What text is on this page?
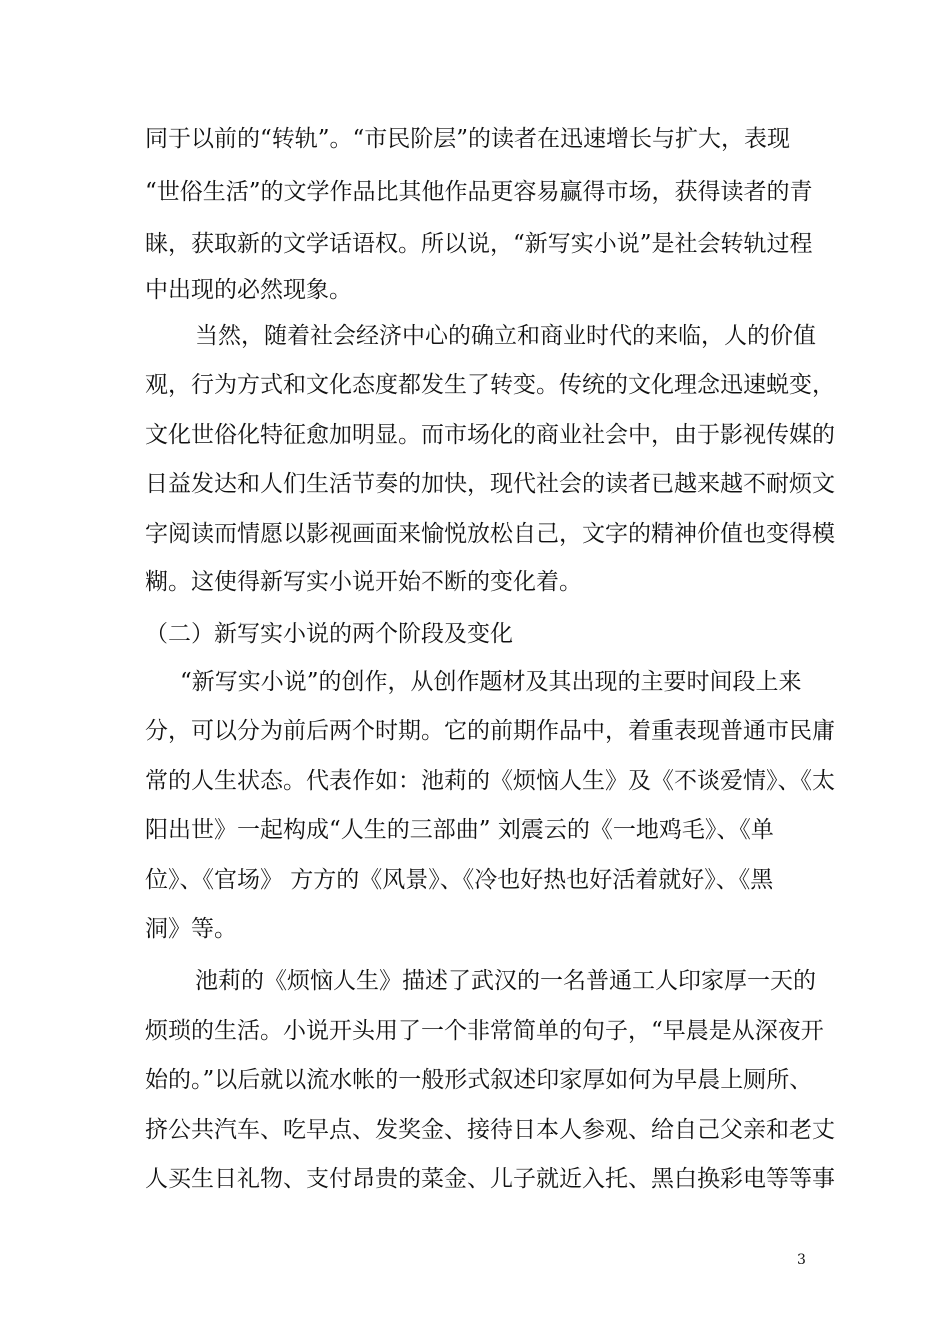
同于以前的“转轨”。“市民阶层”的读者在迅速增长与扩大，表现
“世俗生活”的文学作品比其他作品更容易赢得市场，获得读者的青
睐，获取新的文学话语权。所以说，“新写实小说”是社会转轨过程
中出现的必然现象。
当然，随着社会经济中心的确立和商业时代的来临，人的价值
观，行为方式和文化态度都发生了转变。传统的文化理念迅速蜕变，
文化世俗化特征愈加明显。而市场化的商业社会中，由于影视传媒的
日益发达和人们生活节奏的加快，现代社会的读者已越来越不耐烦文
字阅读而情愿以影视画面来愉悦放松自己，文字的精神价值也变得模
糊。这使得新写实小说开始不断的变化着。
（二）新写实小说的两个阶段及变化
“新写实小说”的创作，从创作题材及其出现的主要时间段上来
分，可以分为前后两个时期。它的前期作品中，着重表现普通市民庸
常的人生状态。代表作如：池莉的《烦恼人生》及《不谈爱情》、《太
阳出世》一起构成“人生的三部曲” 刘震云的《一地鸡毛》、《单
位》、《官场》 方方的《风景》、《冷也好热也好活着就好》、《黑
洞》等。
池莉的《烦恼人生》描述了武汉的一名普通工人印家厚一天的
烦琐的生活。小说开头用了一个非常简单的句子，“早晨是从深夜开
始的。”以后就以流水帐的一般形式叙述印家厚如何为早晨上厕所、
挤公共汽车、吃早点、发奖金、接待日本人参观、给自己父亲和老丈
人买生日礼物、支付昂贵的菜金、儿子就近入托、黑白换彩电等等事
3
